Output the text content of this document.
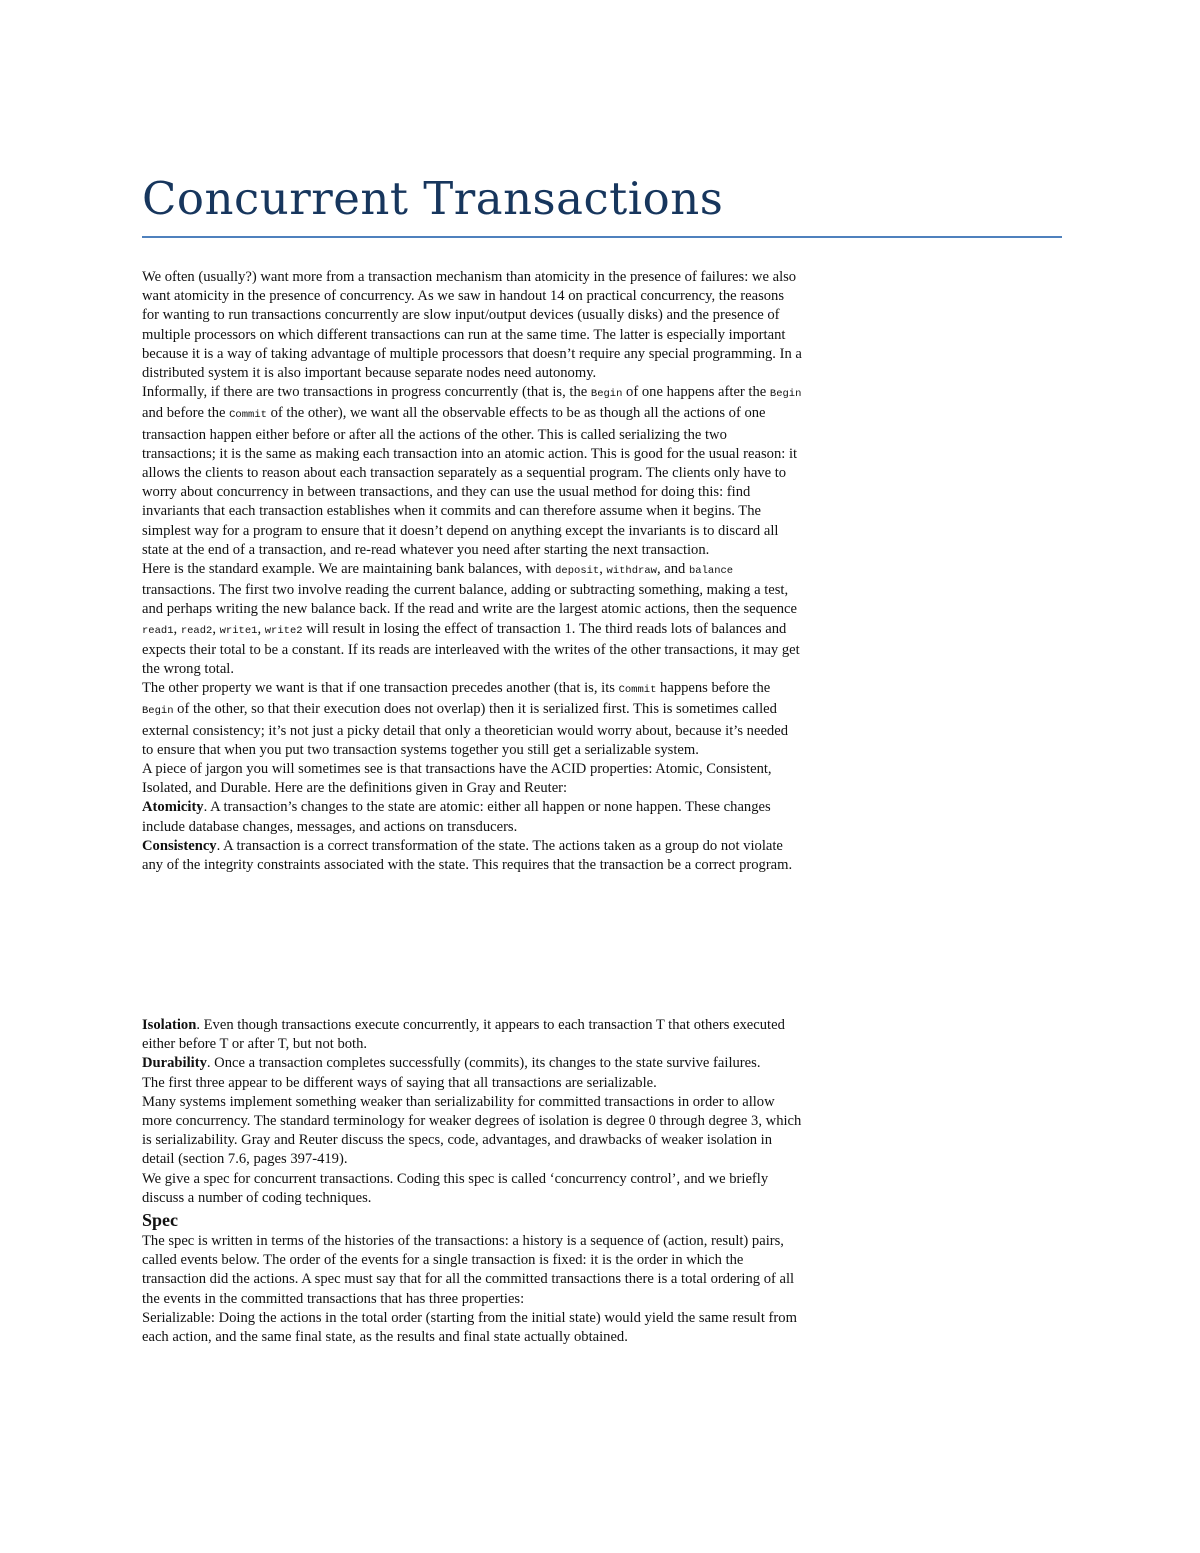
Concurrent Transactions

We often (usually?) want more from a transaction mechanism than atomicity in the presence of failures: we also want atomicity in the presence of concurrency. As we saw in handout 14 on practical concurrency, the reasons for wanting to run transactions concurrently are slow input/output devices (usually disks) and the presence of multiple processors on which different transactions can run at the same time. The latter is especially important because it is a way of taking advantage of multiple processors that doesn’t require any special programming. In a distributed system it is also important because separate nodes need autonomy.

Informally, if there are two transactions in progress concurrently (that is, the Begin of one happens after the Begin and before the Commit of the other), we want all the observable effects to be as though all the actions of one transaction happen either before or after all the actions of the other. This is called serializing the two transactions; it is the same as making each transaction into an atomic action. This is good for the usual reason: it allows the clients to reason about each transaction separately as a sequential program. The clients only have to worry about concurrency in between transactions, and they can use the usual method for doing this: find invariants that each transaction establishes when it commits and can therefore assume when it begins. The simplest way for a program to ensure that it doesn’t depend on anything except the invariants is to discard all state at the end of a transaction, and re-read whatever you need after starting the next transaction.

Here is the standard example. We are maintaining bank balances, with deposit, withdraw, and balance transactions. The first two involve reading the current balance, adding or subtracting something, making a test, and perhaps writing the new balance back. If the read and write are the largest atomic actions, then the sequence read1, read2, write1, write2 will result in losing the effect of transaction 1. The third reads lots of balances and expects their total to be a constant. If its reads are interleaved with the writes of the other transactions, it may get the wrong total.

The other property we want is that if one transaction precedes another (that is, its Commit happens before the Begin of the other, so that their execution does not overlap) then it is serialized first. This is sometimes called external consistency; it’s not just a picky detail that only a theoretician would worry about, because it’s needed to ensure that when you put two transaction systems together you still get a serializable system.

A piece of jargon you will sometimes see is that transactions have the ACID properties: Atomic, Consistent, Isolated, and Durable. Here are the definitions given in Gray and Reuter:

Atomicity. A transaction’s changes to the state are atomic: either all happen or none happen. These changes include database changes, messages, and actions on transducers.

Consistency. A transaction is a correct transformation of the state. The actions taken as a group do not violate any of the integrity constraints associated with the state. This requires that the transaction be a correct program.

Isolation. Even though transactions execute concurrently, it appears to each transaction T that others executed either before T or after T, but not both.

Durability. Once a transaction completes successfully (commits), its changes to the state survive failures.

The first three appear to be different ways of saying that all transactions are serializable.

Many systems implement something weaker than serializability for committed transactions in order to allow more concurrency. The standard terminology for weaker degrees of isolation is degree 0 through degree 3, which is serializability. Gray and Reuter discuss the specs, code, advantages, and drawbacks of weaker isolation in detail (section 7.6, pages 397-419).

We give a spec for concurrent transactions. Coding this spec is called ‘concurrency control’, and we briefly discuss a number of coding techniques.

Spec

The spec is written in terms of the histories of the transactions: a history is a sequence of (action, result) pairs, called events below. The order of the events for a single transaction is fixed: it is the order in which the transaction did the actions. A spec must say that for all the committed transactions there is a total ordering of all the events in the committed transactions that has three properties:

Serializable: Doing the actions in the total order (starting from the initial state) would yield the same result from each action, and the same final state, as the results and final state actually obtained.
